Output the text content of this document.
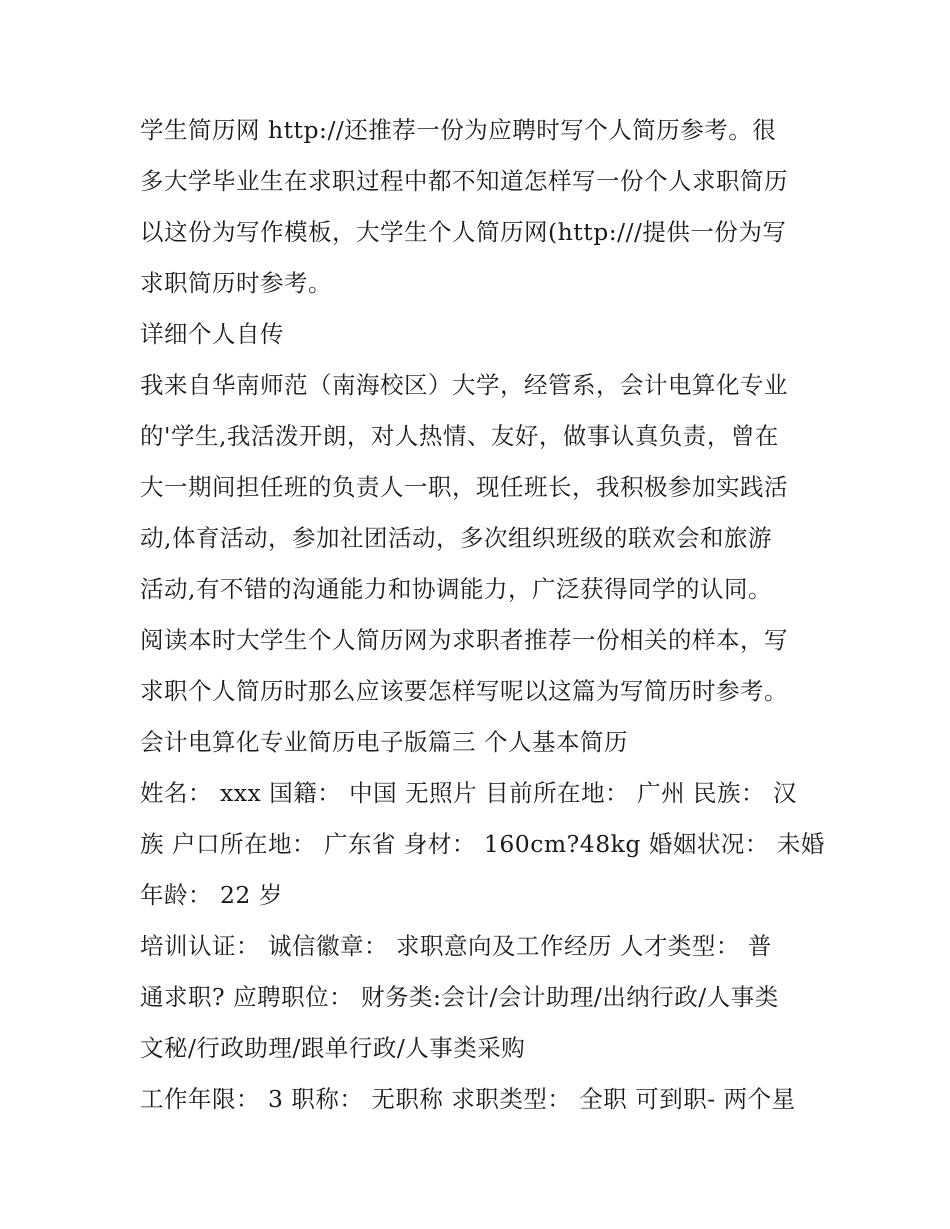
学生简历网 http://还推荐一份为应聘时写个人简历参考。很
多大学毕业生在求职过程中都不知道怎样写一份个人求职简历
以这份为写作模板，大学生个人简历网(http:///提供一份为写
求职简历时参考。
详细个人自传
我来自华南师范（南海校区）大学，经管系，会计电算化专业
的'学生,我活泼开朗，对人热情、友好，做事认真负责，曾在
大一期间担任班的负责人一职，现任班长，我积极参加实践活
动,体育活动，参加社团活动，多次组织班级的联欢会和旅游
活动,有不错的沟通能力和协调能力，广泛获得同学的认同。
阅读本时大学生个人简历网为求职者推荐一份相关的样本，写
求职个人简历时那么应该要怎样写呢以这篇为写简历时参考。
会计电算化专业简历电子版篇三 个人基本简历
姓名： xxx 国籍： 中国 无照片 目前所在地： 广州 民族： 汉
族 户口所在地： 广东省 身材： 160cm?48kg 婚姻状况： 未婚
年龄： 22 岁
培训认证： 诚信徽章： 求职意向及工作经历 人才类型： 普
通求职? 应聘职位： 财务类:会计/会计助理/出纳行政/人事类
文秘/行政助理/跟单行政/人事类采购
工作年限： 3 职称： 无职称 求职类型： 全职 可到职- 两个星
